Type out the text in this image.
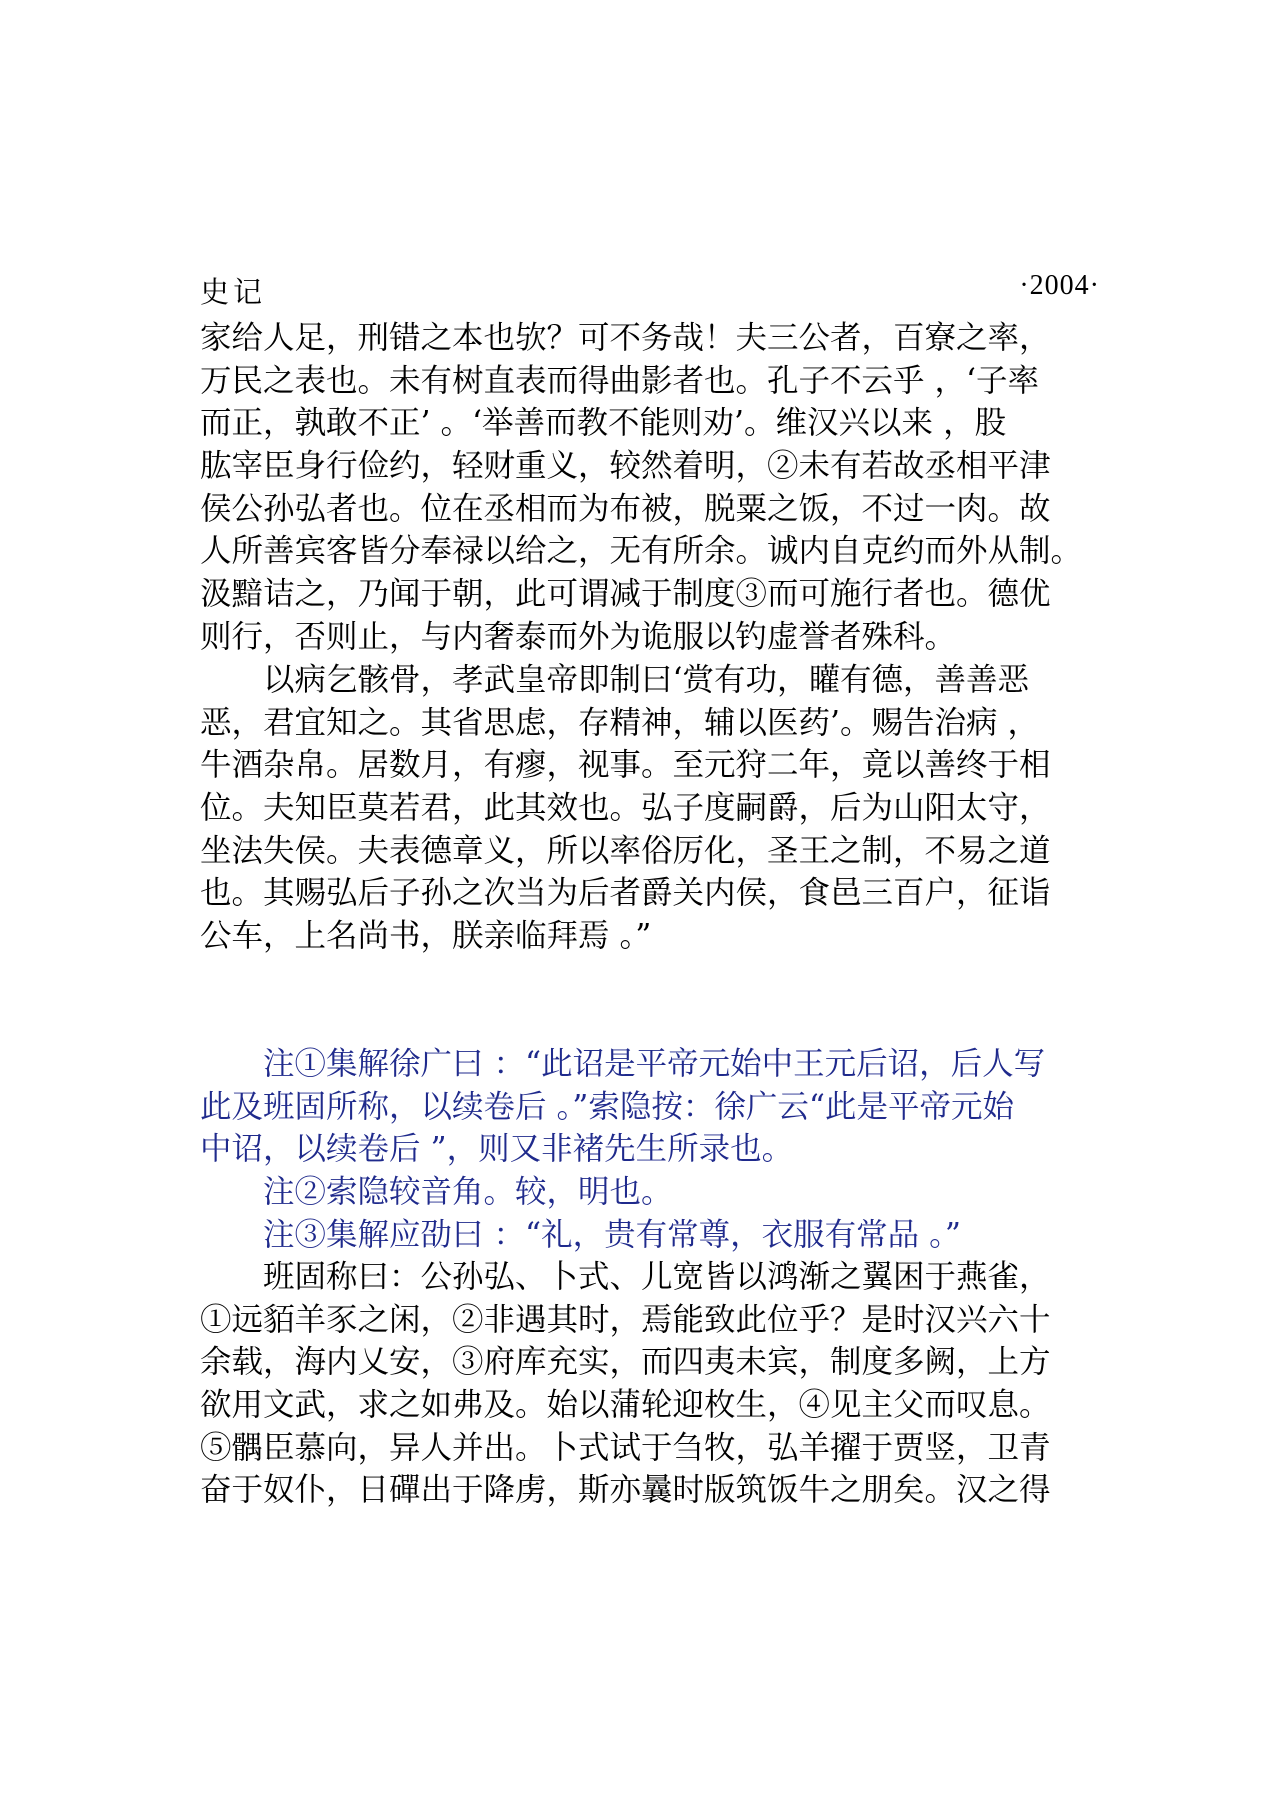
史记	·2004·
家给人足，刑错之本也欤？可不务哉！夫三公者，百寮之率，
万民之表也。未有树直表而得曲影者也。孔子不云乎 ，‘子率
而正，孰敢不正’ 。‘举善而教不能则劝’。维汉兴以来 ，股
肱宰臣身行俭约，轻财重义，较然着明，②未有若故丞相平津
侯公孙弘者也。位在丞相而为布被，脱粟之饭，不过一肉。故
人所善宾客皆分奉禄以给之，无有所余。诚内自克约而外从制。
汲黯诘之，乃闻于朝，此可谓减于制度③而可施行者也。德优
则行，否则止，与内奢泰而外为诡服以钓虚誉者殊科。
以病乞骸骨，孝武皇帝即制曰‘赏有功，矔有德，善善恶
恶，君宜知之。其省思虑，存精神，辅以医药’。赐告治病 ，
牛酒杂帛。居数月，有瘳，视事。至元狩二年，竟以善终于相
位。夫知臣莫若君，此其效也。弘子度嗣爵，后为山阳太守，
坐法失侯。夫表德章义，所以率俗厉化，圣王之制，不易之道
也。其赐弘后子孙之次当为后者爵关内侯，食邑三百户，征诣
公车，上名尚书，朕亲临拜焉 。”
注①集解徐广曰 ：“此诏是平帝元始中王元后诏，后人写
此及班固所称，以续卷后 。”索隐按：徐广云“此是平帝元始
中诏，以续卷后 ”，则又非褚先生所录也。
注②索隐较音角。较，明也。
注③集解应劭曰 ：“礼，贵有常尊，衣服有常品 。”
班固称曰：公孙弘、卜式、儿宽皆以鸿渐之翼困于燕雀，
①远貊羊豕之闲，②非遇其时，焉能致此位乎？是时汉兴六十
余载，海内乂安，③府库充实，而四夷未宾，制度多阙，上方
欲用文武，求之如弗及。始以蒲轮迎枚生，④见主父而叹息。
⑤髃臣慕向，异人并出。卜式试于刍牧，弘羊擢于贾竖，卫青
奋于奴仆，日磾出于降虏，斯亦曩时版筑饭牛之朋矣。汉之得
